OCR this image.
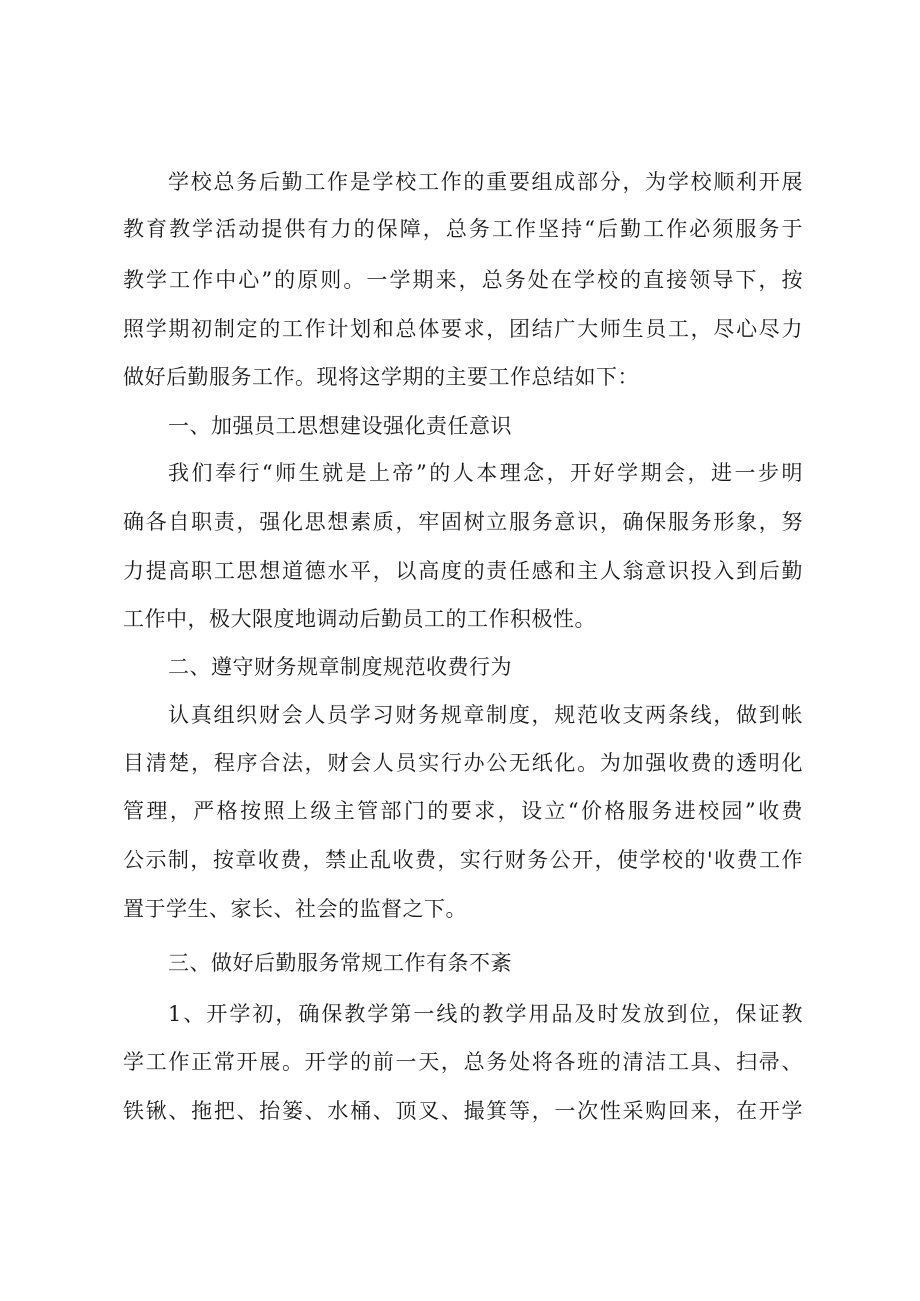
学校总务后勤工作是学校工作的重要组成部分，为学校顺利开展
教育教学活动提供有力的保障，总务工作坚持“后勤工作必须服务于
教学工作中心”的原则。一学期来，总务处在学校的直接领导下，按
照学期初制定的工作计划和总体要求，团结广大师生员工，尽心尽力
做好后勤服务工作。现将这学期的主要工作总结如下：
一、加强员工思想建设强化责任意识
我们奉行“师生就是上帝”的人本理念，开好学期会，进一步明
确各自职责，强化思想素质，牢固树立服务意识，确保服务形象，努
力提高职工思想道德水平，以高度的责任感和主人翁意识投入到后勤
工作中，极大限度地调动后勤员工的工作积极性。
二、遵守财务规章制度规范收费行为
认真组织财会人员学习财务规章制度，规范收支两条线，做到帐
目清楚，程序合法，财会人员实行办公无纸化。为加强收费的透明化
管理，严格按照上级主管部门的要求，设立“价格服务进校园”收费
公示制，按章收费，禁止乱收费，实行财务公开，使学校的'收费工作
置于学生、家长、社会的监督之下。
三、做好后勤服务常规工作有条不紊
1、开学初，确保教学第一线的教学用品及时发放到位，保证教
学工作正常开展。开学的前一天，总务处将各班的清洁工具、扫帚、
铁锹、拖把、抬篓、水桶、顶叉、撮箕等，一次性采购回来，在开学
